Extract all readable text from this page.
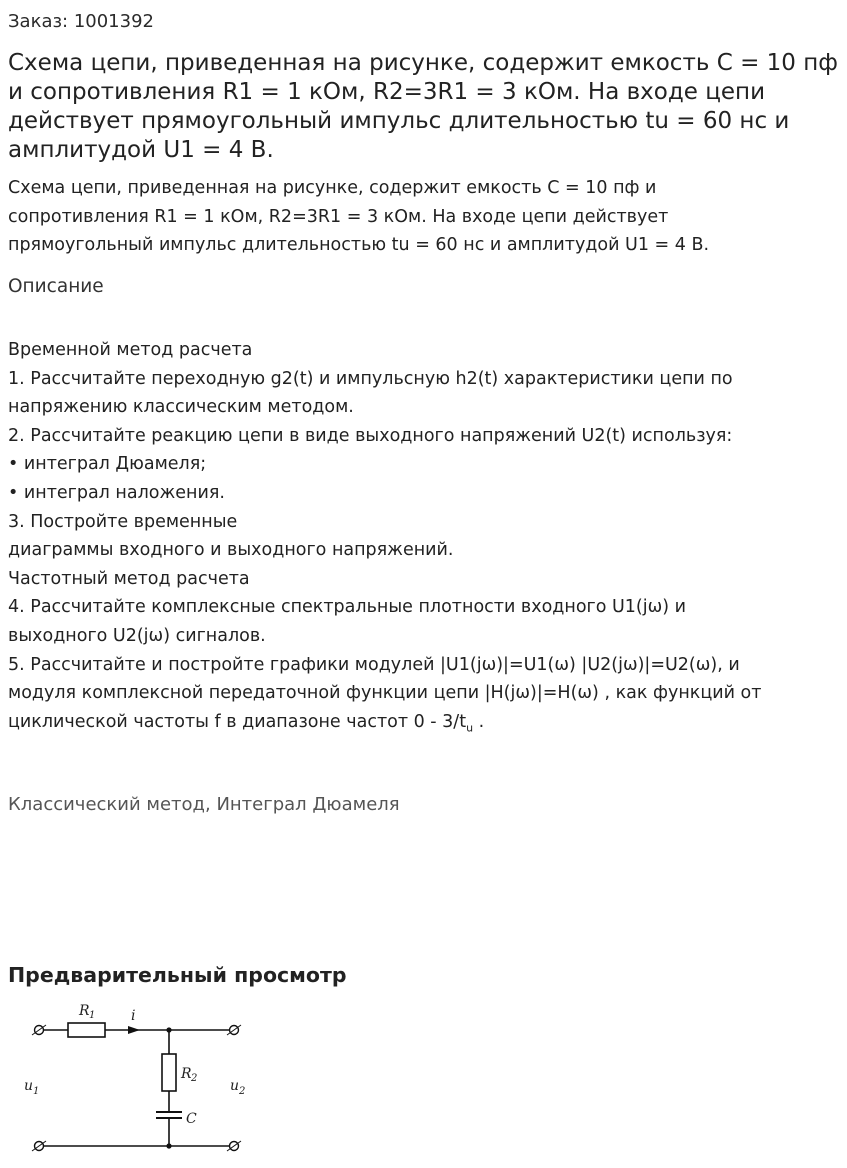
Заказ: 1001392
Схема цепи, приведенная на рисунке, содержит емкость С = 10 пф и сопротивления R1 = 1 кОм, R2=3R1 = 3 кОм. На входе цепи действует прямоугольный импульс длительностью tu = 60 нс и амплитудой U1 = 4 В.
Схема цепи, приведенная на рисунке, содержит емкость С = 10 пф и
сопротивления R1 = 1 кОм, R2=3R1 = 3 кОм. На входе цепи действует
прямоугольный импульс длительностью tu = 60 нс и амплитудой U1 = 4 В.
Описание
Временной метод расчета
1. Рассчитайте переходную g2(t) и импульсную h2(t) характеристики цепи по
напряжению классическим методом.
2. Рассчитайте реакцию цепи в виде выходного напряжений U2(t) используя:
• интеграл Дюамеля;
• интеграл наложения.
3. Постройте временные
диаграммы входного и выходного напряжений.
Частотный метод расчета
4. Рассчитайте комплексные спектральные плотности входного U1(jω) и
выходного U2(jω) сигналов.
5. Рассчитайте и постройте графики модулей |U1(jω)|=U1(ω) |U2(jω)|=U2(ω), и
модуля комплексной передаточной функции цепи |H(jω)|=H(ω) , как функций от
циклической частоты f в диапазоне частот $0 - 3/t_u$ .
Классический метод, Интеграл Дюамеля
Предварительный просмотр
R 1	i
R 2
C
u 1	u 2
